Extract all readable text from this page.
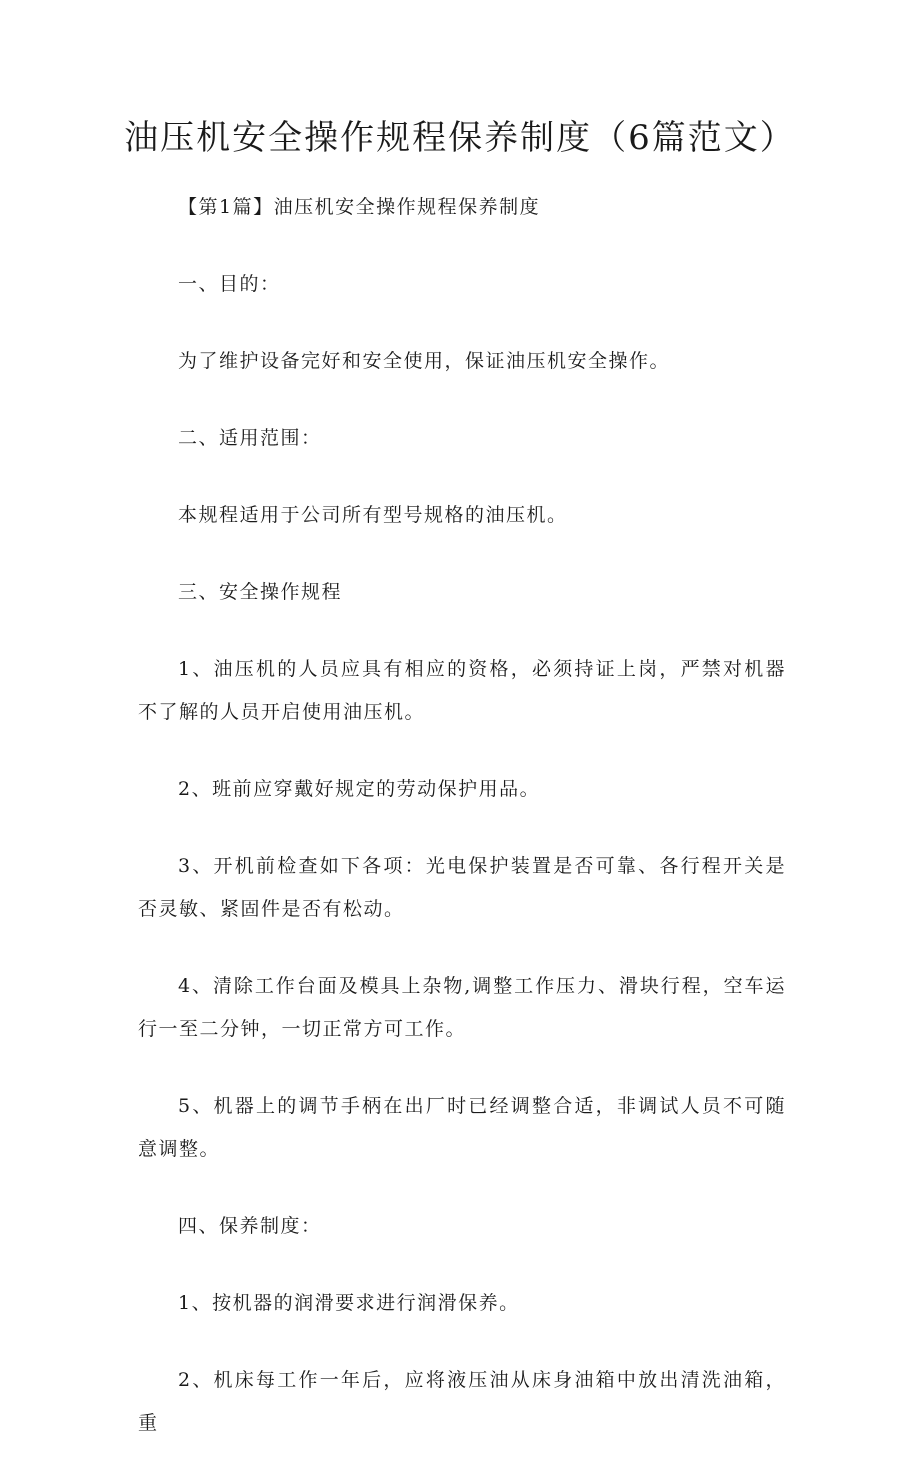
油压机安全操作规程保养制度（6篇范文）

【第1篇】油压机安全操作规程保养制度

一、目的：

为了维护设备完好和安全使用，保证油压机安全操作。

二、适用范围：

本规程适用于公司所有型号规格的油压机。

三、安全操作规程

1、油压机的人员应具有相应的资格，必须持证上岗，严禁对机器不了解的人员开启使用油压机。

2、班前应穿戴好规定的劳动保护用品。

3、开机前检查如下各项：光电保护装置是否可靠、各行程开关是否灵敏、紧固件是否有松动。

4、清除工作台面及模具上杂物,调整工作压力、滑块行程，空车运行一至二分钟，一切正常方可工作。

5、机器上的调节手柄在出厂时已经调整合适，非调试人员不可随意调整。

四、保养制度：

1、按机器的润滑要求进行润滑保养。

2、机床每工作一年后，应将液压油从床身油箱中放出清洗油箱，重
